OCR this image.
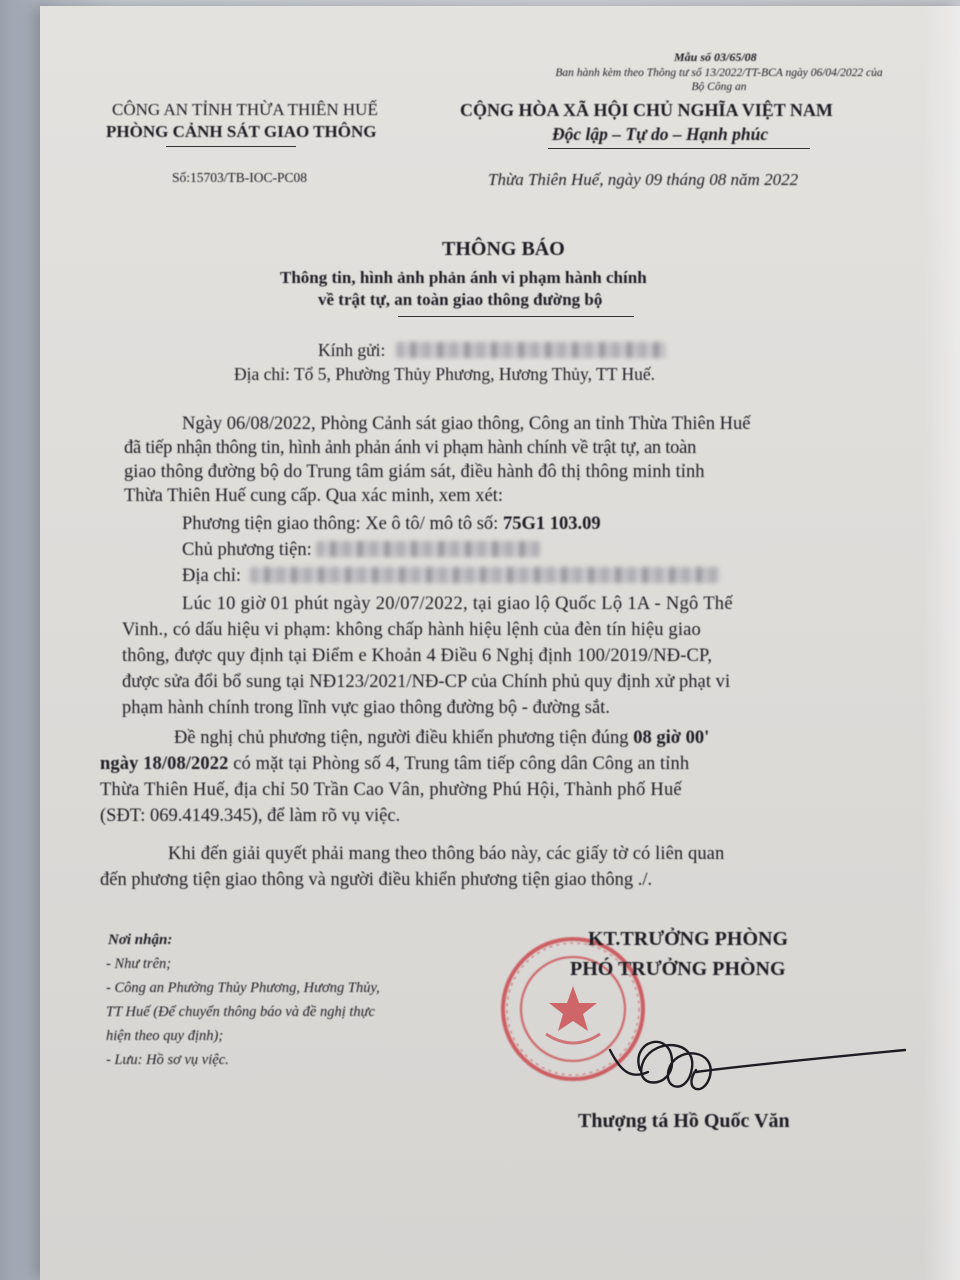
Mẫu số 03/65/08
Ban hành kèm theo Thông tư số 13/2022/TT-BCA ngày 06/04/2022 của Bộ Công an
CÔNG AN TỈNH THỪA THIÊN HUẾ
PHÒNG CẢNH SÁT GIAO THÔNG
Số:15703/TB-IOC-PC08
CỘNG HÒA XÃ HỘI CHỦ NGHĨA VIỆT NAM
Độc lập – Tự do – Hạnh phúc
Thừa Thiên Huế, ngày 09 tháng 08 năm 2022
THÔNG BÁO
Thông tin, hình ảnh phản ánh vi phạm hành chính
về trật tự, an toàn giao thông đường bộ
Kính gửi:
Địa chỉ: Tổ 5, Phường Thủy Phương, Hương Thủy, TT Huế.
Ngày 06/08/2022, Phòng Cảnh sát giao thông, Công an tỉnh Thừa Thiên Huế
đã tiếp nhận thông tin, hình ảnh phản ánh vi phạm hành chính về trật tự, an toàn
giao thông đường bộ do Trung tâm giám sát, điều hành đô thị thông minh tỉnh
Thừa Thiên Huế cung cấp. Qua xác minh, xem xét:
Phương tiện giao thông: Xe ô tô/ mô tô số: 75G1 103.09
Chủ phương tiện:
Địa chỉ:
Lúc 10 giờ 01 phút ngày 20/07/2022, tại giao lộ Quốc Lộ 1A - Ngô Thế
Vinh., có dấu hiệu vi phạm: không chấp hành hiệu lệnh của đèn tín hiệu giao
thông, được quy định tại Điểm e Khoản 4 Điều 6 Nghị định 100/2019/NĐ-CP,
được sửa đổi bổ sung tại NĐ123/2021/NĐ-CP của Chính phủ quy định xử phạt vi
phạm hành chính trong lĩnh vực giao thông đường bộ - đường sắt.
Đề nghị chủ phương tiện, người điều khiển phương tiện đúng 08 giờ 00'
ngày 18/08/2022 có mặt tại Phòng số 4, Trung tâm tiếp công dân Công an tỉnh
Thừa Thiên Huế, địa chỉ 50 Trần Cao Vân, phường Phú Hội, Thành phố Huế
(SĐT: 069.4149.345), để làm rõ vụ việc.
Khi đến giải quyết phải mang theo thông báo này, các giấy tờ có liên quan
đến phương tiện giao thông và người điều khiển phương tiện giao thông ./.
Nơi nhận:
- Như trên;
- Công an Phường Thủy Phương, Hương Thủy,
TT Huế (Để chuyển thông báo và đề nghị thực
hiện theo quy định);
- Lưu: Hồ sơ vụ việc.
KT.TRƯỞNG PHÒNG
PHÓ TRƯỞNG PHÒNG
Thượng tá Hồ Quốc Văn
